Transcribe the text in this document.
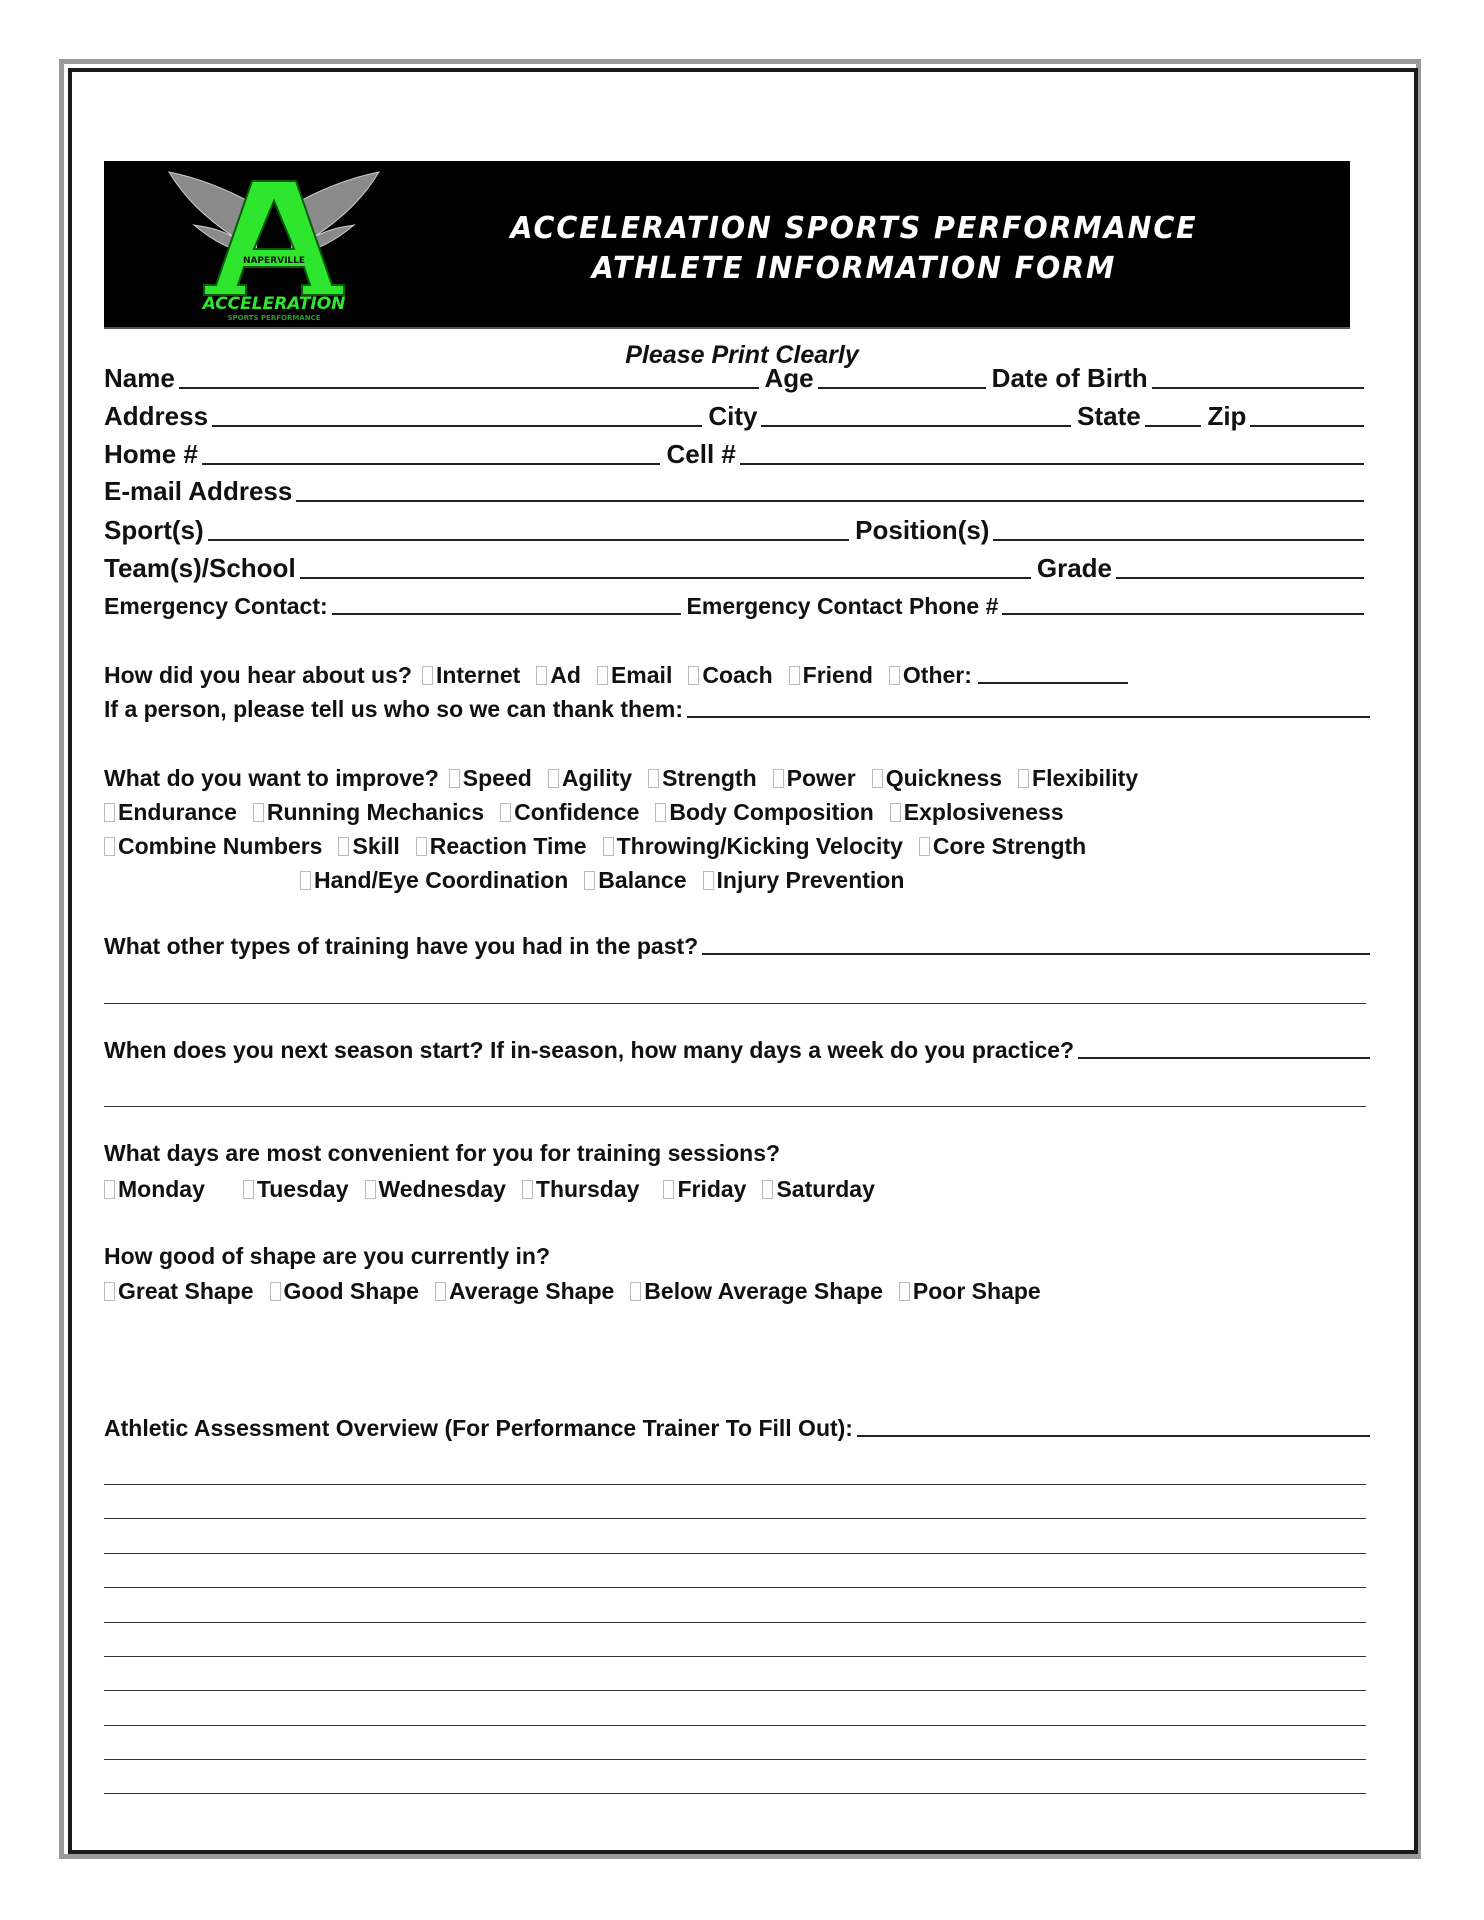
NAPERVILLE
ACCELERATION
SPORTS PERFORMANCE
ACCELERATION SPORTS PERFORMANCE
ATHLETE INFORMATION FORM
Please Print Clearly
Name	Age	Date of Birth
Address	City	State	Zip
Home #	Cell #
E-mail Address
Sport(s)	Position(s)
Team(s)/School	Grade
Emergency Contact:	Emergency Contact Phone #
How did you hear about us? Internet Ad Email Coach Friend Other:
If a person, please tell us who so we can thank them:
What do you want to improve? Speed Agility Strength Power Quickness Flexibility
Endurance Running Mechanics Confidence Body Composition Explosiveness
Combine Numbers Skill Reaction Time Throwing/Kicking Velocity Core Strength
Hand/Eye Coordination Balance Injury Prevention
What other types of training have you had in the past?
When does you next season start? If in-season, how many days a week do you practice?
What days are most convenient for you for training sessions?
Monday Tuesday Wednesday Thursday Friday Saturday
How good of shape are you currently in?
Great Shape Good Shape Average Shape Below Average Shape Poor Shape
Athletic Assessment Overview (For Performance Trainer To Fill Out):
